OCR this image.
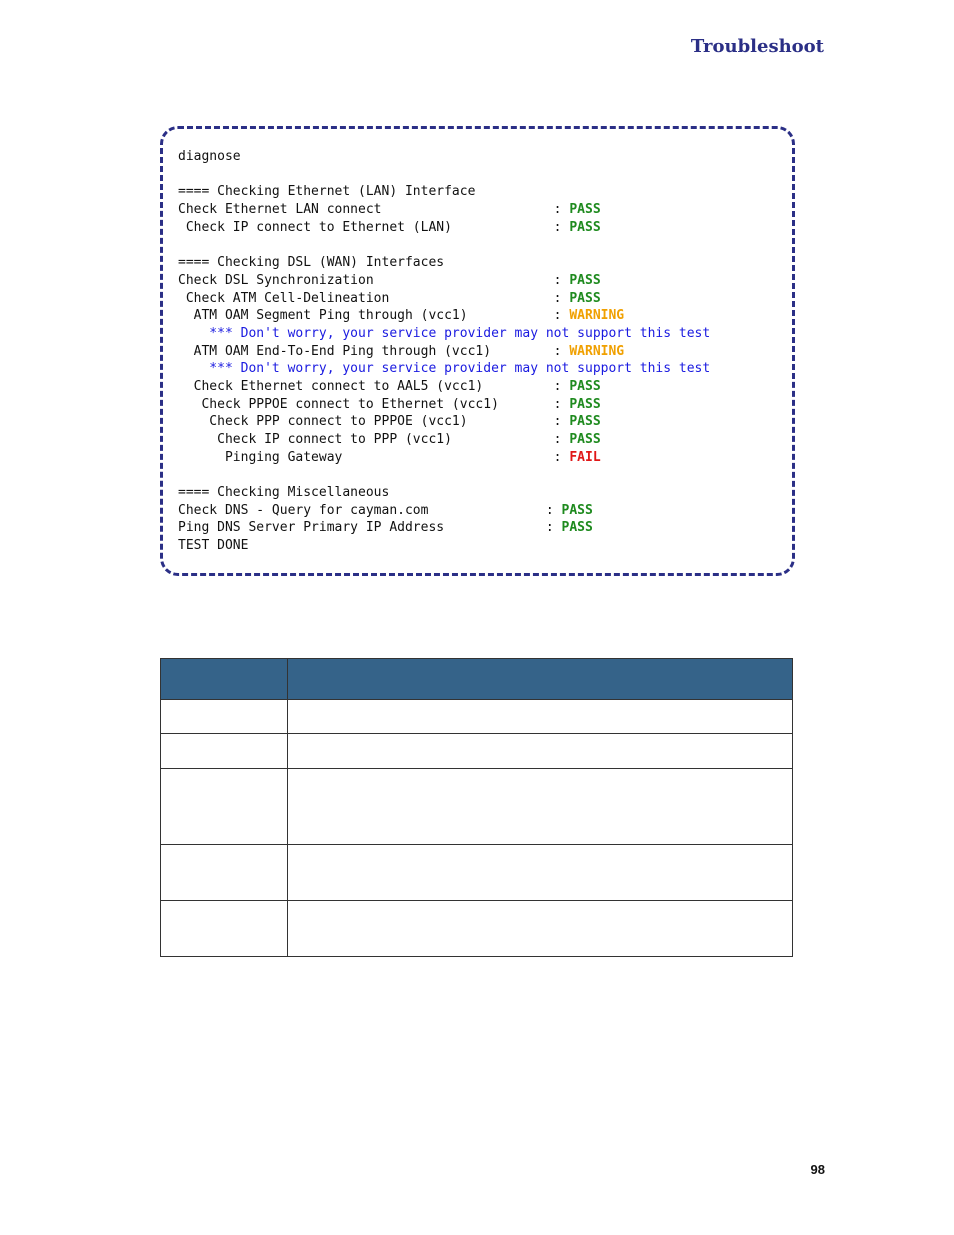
Troubleshoot
diagnose
==== Checking Ethernet (LAN) Interface
Check Ethernet LAN connect                      : PASS
Check IP connect to Ethernet (LAN)             : PASS
==== Checking DSL (WAN) Interfaces
Check DSL Synchronization                       : PASS
Check ATM Cell-Delineation                     : PASS
ATM OAM Segment Ping through (vcc1)           : WARNING
*** Don't worry, your service provider may not support this test
ATM OAM End-To-End Ping through (vcc1)        : WARNING
*** Don't worry, your service provider may not support this test
Check Ethernet connect to AAL5 (vcc1)         : PASS
Check PPPOE connect to Ethernet (vcc1)       : PASS
Check PPP connect to PPPOE (vcc1)           : PASS
Check IP connect to PPP (vcc1)             : PASS
Pinging Gateway                           : FAIL
==== Checking Miscellaneous
Check DNS - Query for cayman.com               : PASS
Ping DNS Server Primary IP Address             : PASS
TEST DONE

98
